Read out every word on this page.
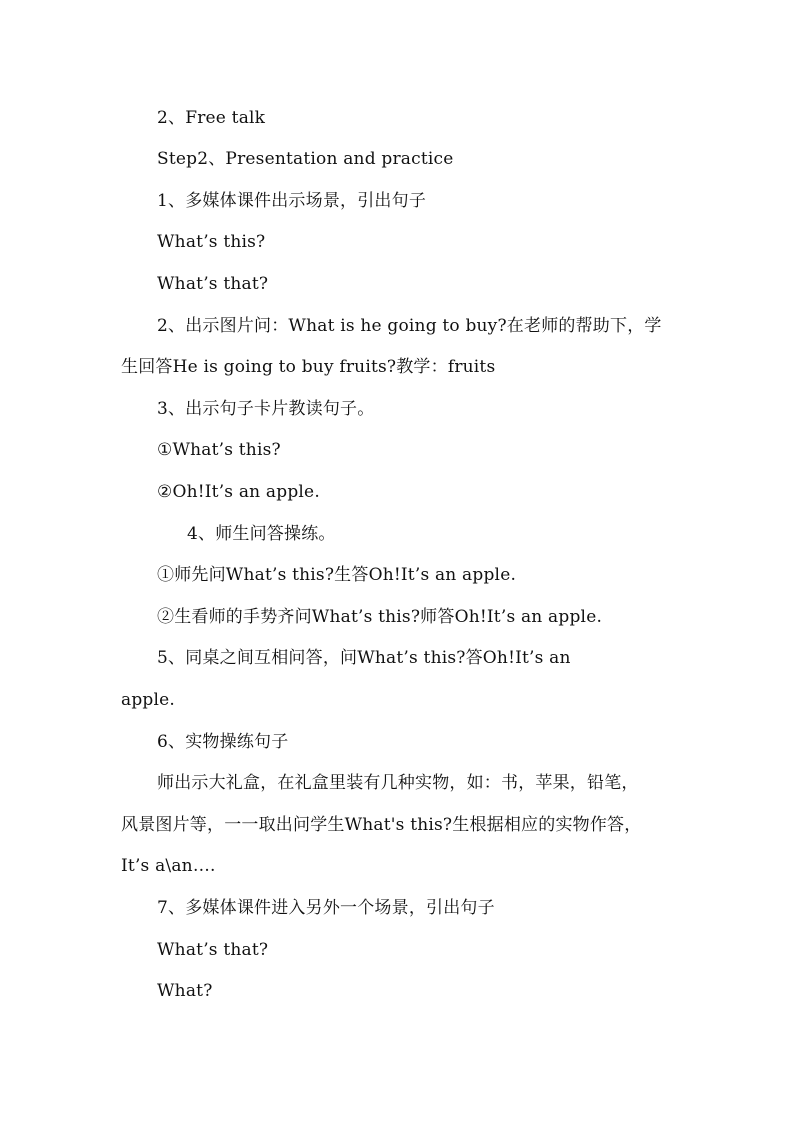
2、Free talk
Step2、Presentation and practice
1、多媒体课件出示场景，引出句子
What’s this?
What’s that?
2、出示图片问：What is he going to buy?在老师的帮助下，学
生回答He is going to buy fruits?教学：fruits
3、出示句子卡片教读句子。
①What’s this?
②Oh!It’s an apple.
4、师生问答操练。
①师先问What’s this?生答Oh!It’s an apple.
②生看师的手势齐问What’s this?师答Oh!It’s an apple.
5、同桌之间互相问答，问What’s this?答Oh!It’s an
apple.
6、实物操练句子
师出示大礼盒，在礼盒里装有几种实物，如：书，苹果，铅笔，
风景图片等，一一取出问学生What's this?生根据相应的实物作答，
It’s a\an….
7、多媒体课件进入另外一个场景，引出句子
What’s that?
What?
